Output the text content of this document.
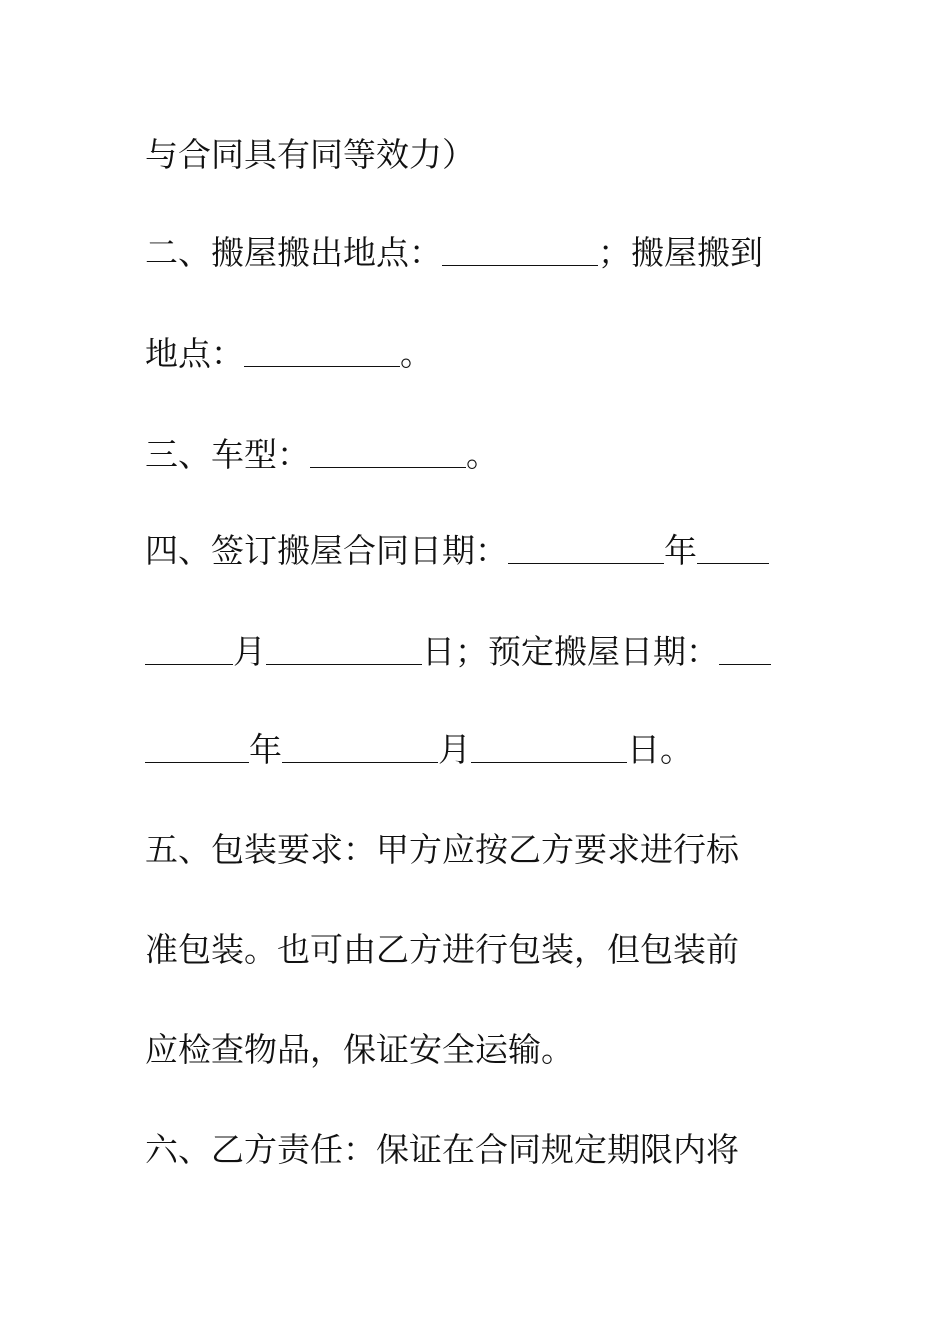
与合同具有同等效力）
二、搬屋搬出地点：	；搬屋搬到
地点：	。
三、车型：	。
四、签订搬屋合同日期：	年
月	日；预定搬屋日期：
年	月	日。
五、包装要求：甲方应按乙方要求进行标
准包装。也可由乙方进行包装，但包装前
应检查物品，保证安全运输。
六、乙方责任：保证在合同规定期限内将
